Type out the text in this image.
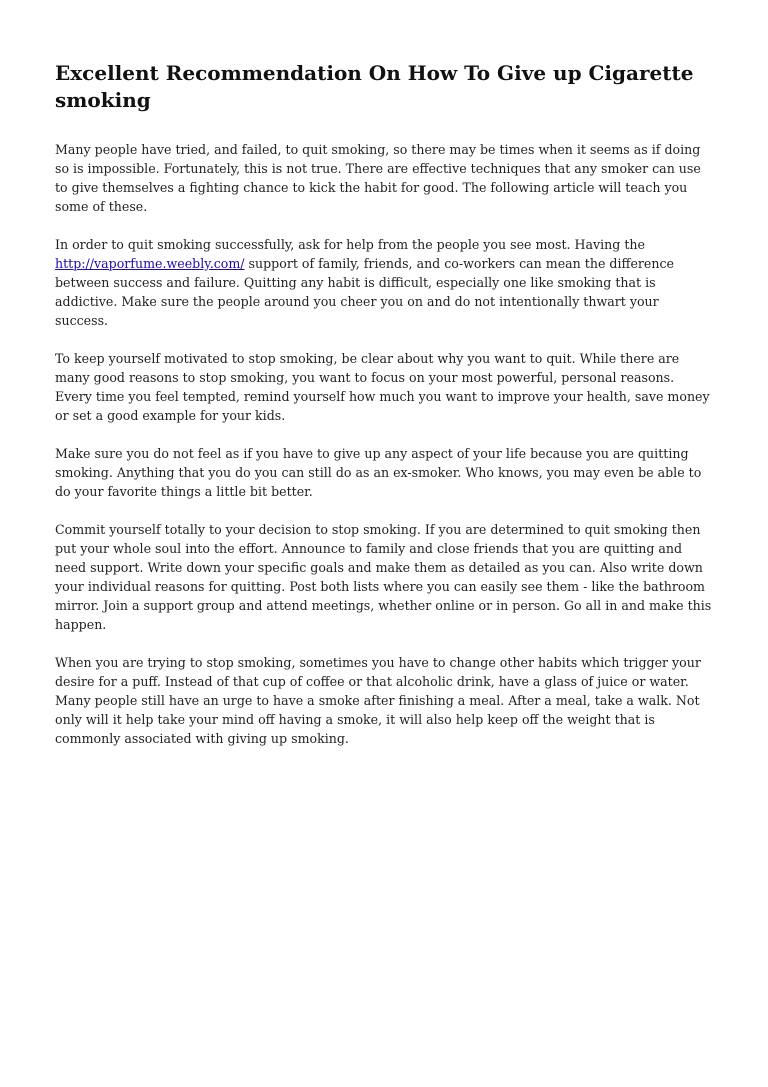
Excellent Recommendation On How To Give up Cigarette smoking

Many people have tried, and failed, to quit smoking, so there may be times when it seems as if doing so is impossible. Fortunately, this is not true. There are effective techniques that any smoker can use to give themselves a fighting chance to kick the habit for good. The following article will teach you some of these.

In order to quit smoking successfully, ask for help from the people you see most. Having the http://vaporfume.weebly.com/ support of family, friends, and co-workers can mean the difference between success and failure. Quitting any habit is difficult, especially one like smoking that is addictive. Make sure the people around you cheer you on and do not intentionally thwart your success.

To keep yourself motivated to stop smoking, be clear about why you want to quit. While there are many good reasons to stop smoking, you want to focus on your most powerful, personal reasons. Every time you feel tempted, remind yourself how much you want to improve your health, save money or set a good example for your kids.

Make sure you do not feel as if you have to give up any aspect of your life because you are quitting smoking. Anything that you do you can still do as an ex-smoker. Who knows, you may even be able to do your favorite things a little bit better.

Commit yourself totally to your decision to stop smoking. If you are determined to quit smoking then put your whole soul into the effort. Announce to family and close friends that you are quitting and need support. Write down your specific goals and make them as detailed as you can. Also write down your individual reasons for quitting. Post both lists where you can easily see them - like the bathroom mirror. Join a support group and attend meetings, whether online or in person. Go all in and make this happen.

When you are trying to stop smoking, sometimes you have to change other habits which trigger your desire for a puff. Instead of that cup of coffee or that alcoholic drink, have a glass of juice or water. Many people still have an urge to have a smoke after finishing a meal. After a meal, take a walk. Not only will it help take your mind off having a smoke, it will also help keep off the weight that is commonly associated with giving up smoking.
